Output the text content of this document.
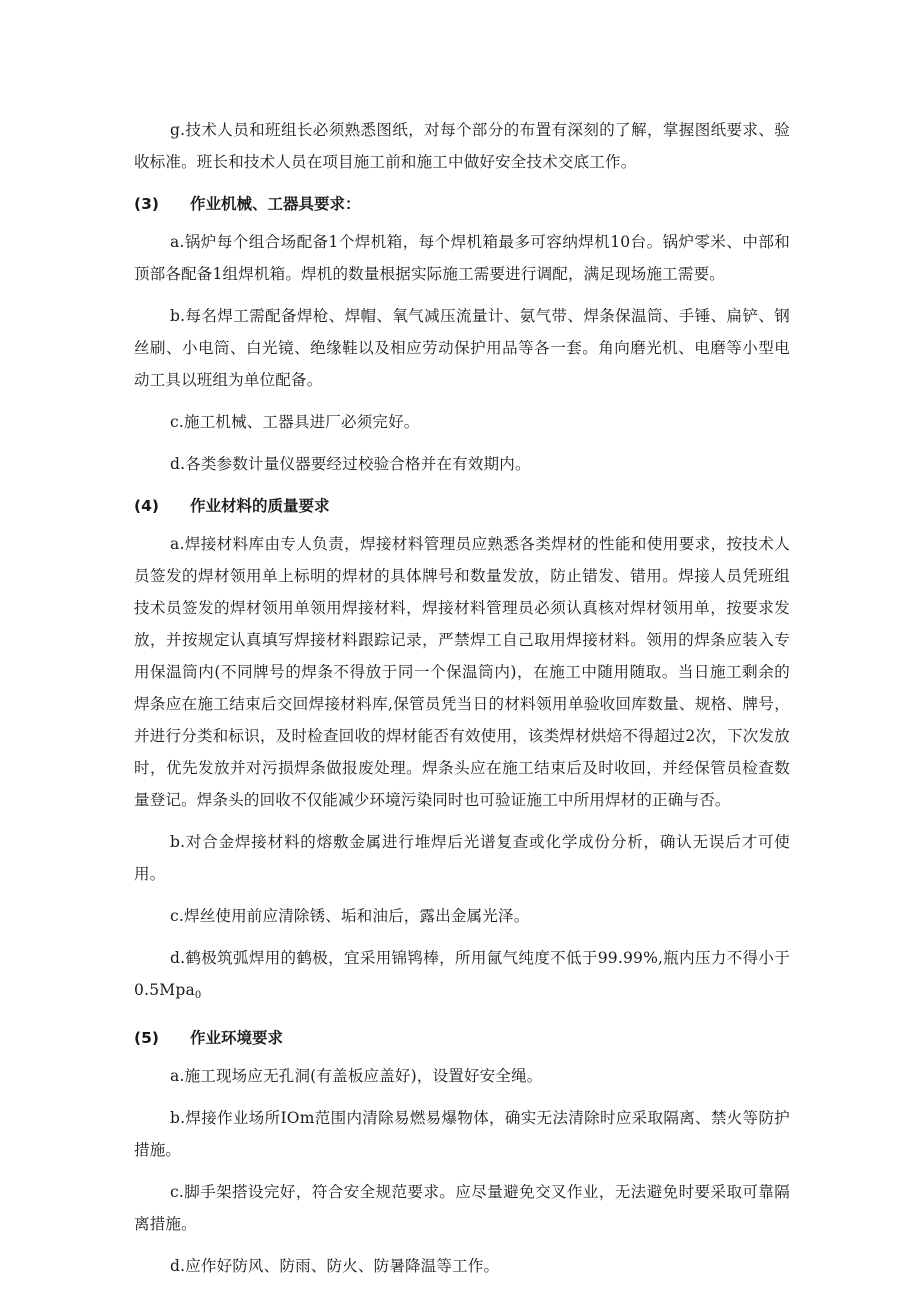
g.技术人员和班组长必须熟悉图纸，对每个部分的布置有深刻的了解，掌握图纸要求、验收标准。班长和技术人员在项目施工前和施工中做好安全技术交底工作。

(3)	作业机械、工器具要求：

a.锅炉每个组合场配备1个焊机箱，每个焊机箱最多可容纳焊机10台。锅炉零米、中部和顶部各配备1组焊机箱。焊机的数量根据实际施工需要进行调配，满足现场施工需要。

b.每名焊工需配备焊枪、焊帽、氧气减压流量计、氨气带、焊条保温筒、手锤、扁铲、钢丝刷、小电筒、白光镜、绝缘鞋以及相应劳动保护用品等各一套。角向磨光机、电磨等小型电动工具以班组为单位配备。

c.施工机械、工器具进厂必须完好。

d.各类参数计量仪器要经过校验合格并在有效期内。

(4)	作业材料的质量要求

a.焊接材料库由专人负责，焊接材料管理员应熟悉各类焊材的性能和使用要求，按技术人员签发的焊材领用单上标明的焊材的具体牌号和数量发放，防止错发、错用。焊接人员凭班组技术员签发的焊材领用单领用焊接材料，焊接材料管理员必须认真核对焊材领用单，按要求发放，并按规定认真填写焊接材料跟踪记录，严禁焊工自己取用焊接材料。领用的焊条应装入专用保温筒内(不同牌号的焊条不得放于同一个保温筒内)，在施工中随用随取。当日施工剩余的焊条应在施工结束后交回焊接材料库,保管员凭当日的材料领用单验收回库数量、规格、牌号，并进行分类和标识，及时检查回收的焊材能否有效使用，该类焊材烘焙不得超过2次，下次发放时，优先发放并对污损焊条做报废处理。焊条头应在施工结束后及时收回，并经保管员检查数量登记。焊条头的回收不仅能减少环境污染同时也可验证施工中所用焊材的正确与否。

b.对合金焊接材料的熔敷金属进行堆焊后光谱复查或化学成份分析，确认无误后才可使用。

c.焊丝使用前应清除锈、垢和油后，露出金属光泽。

d.鹤极筑弧焊用的鹤极，宜采用锦鸨棒，所用氤气纯度不低于99.99%,瓶内压力不得小于0.5Mpa$_0$

(5)	作业环境要求

a.施工现场应无孔洞(有盖板应盖好)，设置好安全绳。

b.焊接作业场所IOm范围内清除易燃易爆物体，确实无法清除时应采取隔离、禁火等防护措施。

c.脚手架搭设完好，符合安全规范要求。应尽量避免交叉作业，无法避免时要采取可靠隔离措施。

d.应作好防风、防雨、防火、防暑降温等工作。
